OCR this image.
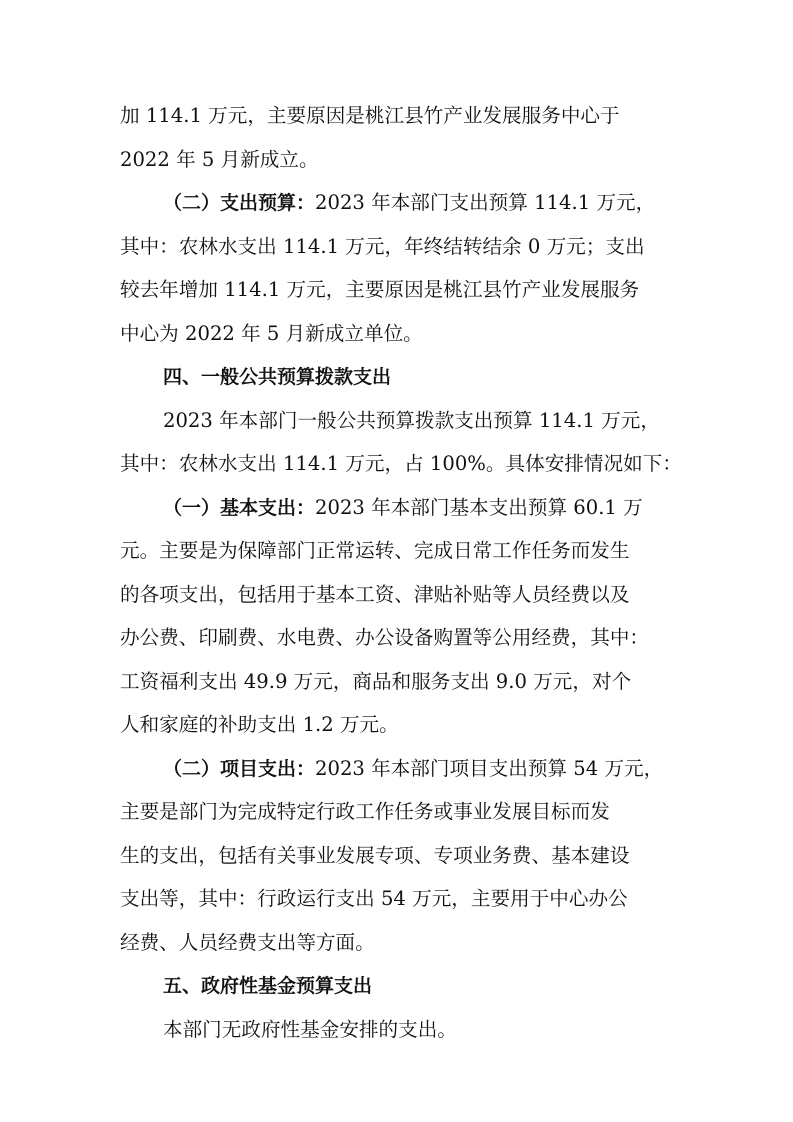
加 114.1 万元，主要原因是桃江县竹产业发展服务中心于
2022 年 5 月新成立。
（二）支出预算：2023 年本部门支出预算 114.1 万元，
其中：农林水支出 114.1 万元，年终结转结余 0 万元；支出
较去年增加 114.1 万元，主要原因是桃江县竹产业发展服务
中心为 2022 年 5 月新成立单位。
四、一般公共预算拨款支出
2023 年本部门一般公共预算拨款支出预算 114.1 万元，
其中：农林水支出 114.1 万元，占 100%。具体安排情况如下：
（一）基本支出：2023 年本部门基本支出预算 60.1 万
元。主要是为保障部门正常运转、完成日常工作任务而发生
的各项支出，包括用于基本工资、津贴补贴等人员经费以及
办公费、印刷费、水电费、办公设备购置等公用经费，其中：
工资福利支出 49.9 万元，商品和服务支出 9.0 万元，对个
人和家庭的补助支出 1.2 万元。
（二）项目支出：2023 年本部门项目支出预算 54 万元，
主要是部门为完成特定行政工作任务或事业发展目标而发
生的支出，包括有关事业发展专项、专项业务费、基本建设
支出等，其中：行政运行支出 54 万元，主要用于中心办公
经费、人员经费支出等方面。
五、政府性基金预算支出
本部门无政府性基金安排的支出。
